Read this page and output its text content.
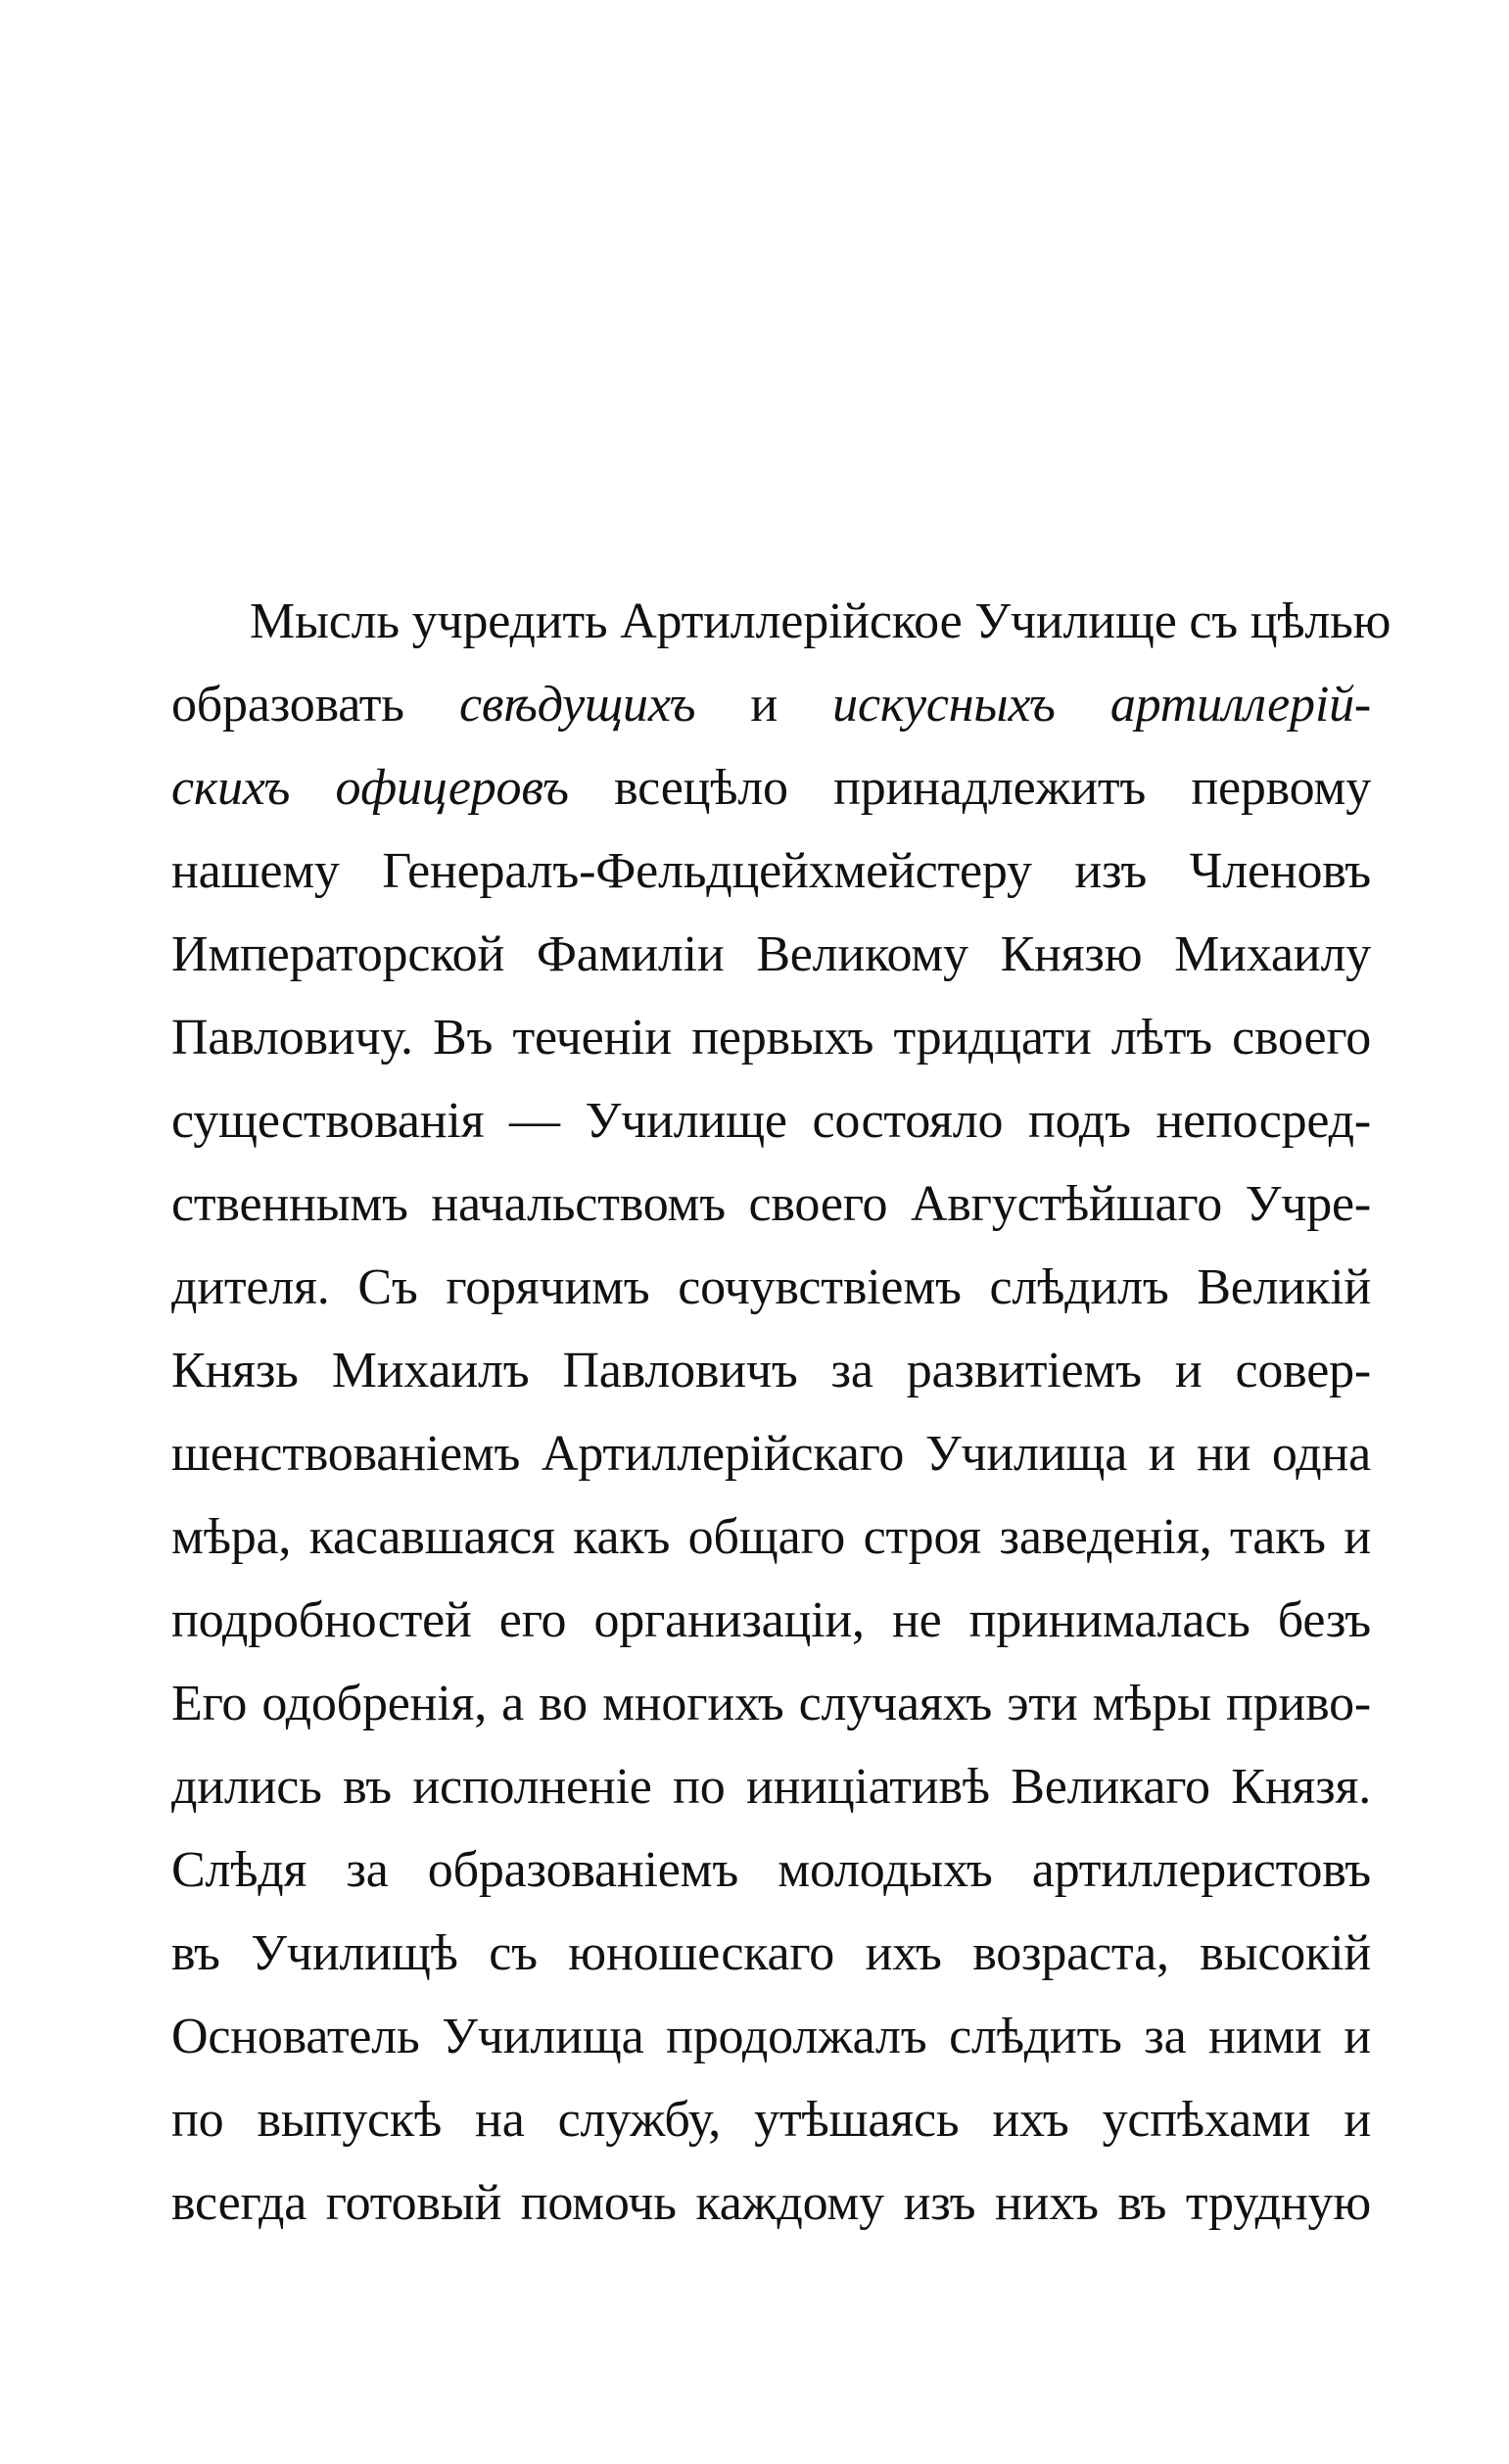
Мысль учредить Артиллерійское Училище съ цѣлью
образовать свѣдущихъ и искусныхъ артиллерій-
скихъ офицеровъ всецѣло принадлежитъ первому
нашему Генералъ-Фельдцейхмейстеру изъ Членовъ
Императорской Фамиліи Великому Князю Михаилу
Павловичу. Въ теченіи первыхъ тридцати лѣтъ своего
существованія — Училище состояло подъ непосред-
ственнымъ начальствомъ своего Августѣйшаго Учре-
дителя. Съ горячимъ сочувствіемъ слѣдилъ Великій
Князь Михаилъ Павловичъ за развитіемъ и совер-
шенствованіемъ Артиллерійскаго Училища и ни одна
мѣра, касавшаяся какъ общаго строя заведенія, такъ и
подробностей его организаціи, не принималась безъ
Его одобренія, а во многихъ случаяхъ эти мѣры приво-
дились въ исполненіе по иниціативѣ Великаго Князя.
Слѣдя за образованіемъ молодыхъ артиллеристовъ
въ Училищѣ съ юношескаго ихъ возраста, высокій
Основатель Училища продолжалъ слѣдить за ними и
по выпускѣ на службу, утѣшаясь ихъ успѣхами и
всегда готовый помочь каждому изъ нихъ въ трудную
